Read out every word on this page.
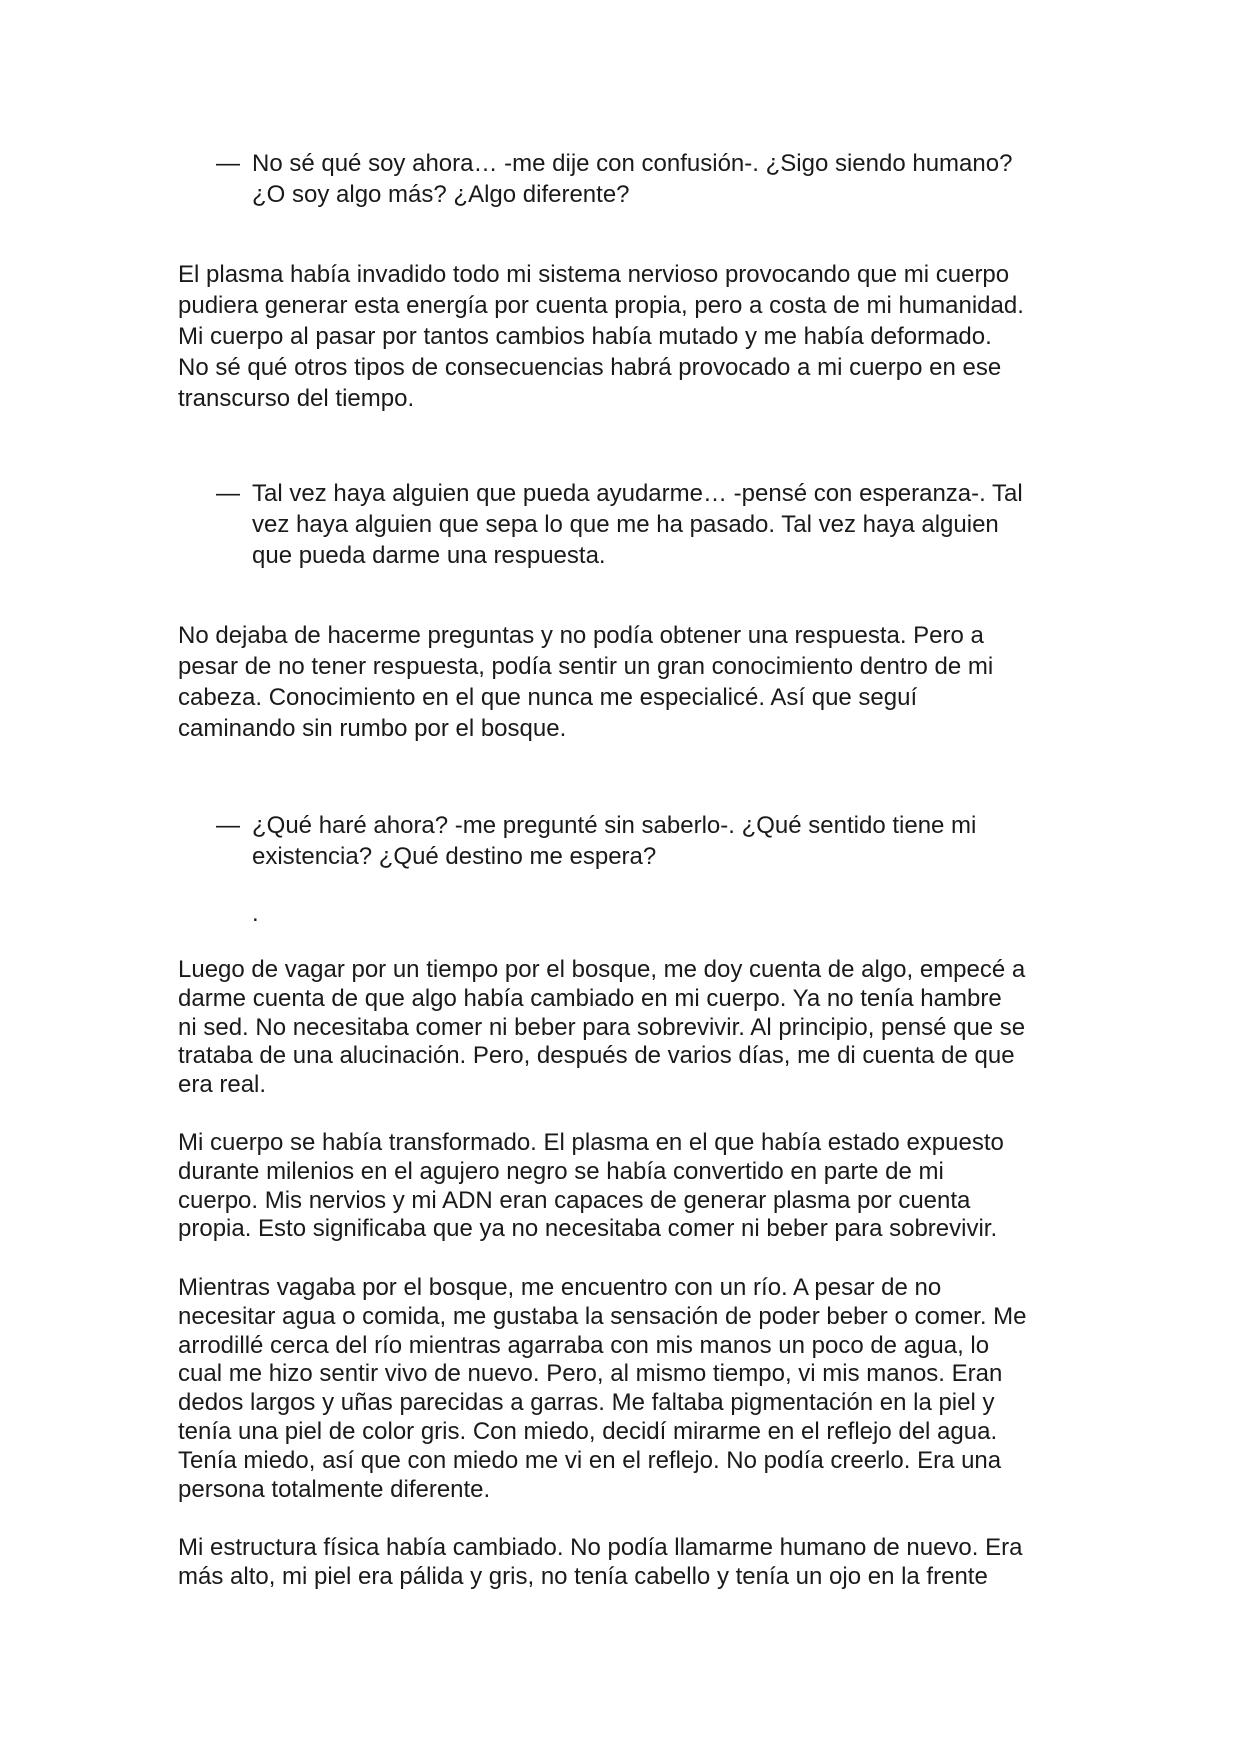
— No sé qué soy ahora… -me dije con confusión-. ¿Sigo siendo humano?
¿O soy algo más? ¿Algo diferente?
El plasma había invadido todo mi sistema nervioso provocando que mi cuerpo
pudiera generar esta energía por cuenta propia, pero a costa de mi humanidad.
Mi cuerpo al pasar por tantos cambios había mutado y me había deformado.
No sé qué otros tipos de consecuencias habrá provocado a mi cuerpo en ese
transcurso del tiempo.
— Tal vez haya alguien que pueda ayudarme… -pensé con esperanza-. Tal
vez haya alguien que sepa lo que me ha pasado. Tal vez haya alguien
que pueda darme una respuesta.
No dejaba de hacerme preguntas y no podía obtener una respuesta. Pero a
pesar de no tener respuesta, podía sentir un gran conocimiento dentro de mi
cabeza. Conocimiento en el que nunca me especialicé. Así que seguí
caminando sin rumbo por el bosque.
— ¿Qué haré ahora? -me pregunté sin saberlo-. ¿Qué sentido tiene mi
existencia? ¿Qué destino me espera?
.
Luego de vagar por un tiempo por el bosque, me doy cuenta de algo, empecé a
darme cuenta de que algo había cambiado en mi cuerpo. Ya no tenía hambre
ni sed. No necesitaba comer ni beber para sobrevivir. Al principio, pensé que se
trataba de una alucinación. Pero, después de varios días, me di cuenta de que
era real.
Mi cuerpo se había transformado. El plasma en el que había estado expuesto
durante milenios en el agujero negro se había convertido en parte de mi
cuerpo. Mis nervios y mi ADN eran capaces de generar plasma por cuenta
propia. Esto significaba que ya no necesitaba comer ni beber para sobrevivir.
Mientras vagaba por el bosque, me encuentro con un río. A pesar de no
necesitar agua o comida, me gustaba la sensación de poder beber o comer. Me
arrodillé cerca del río mientras agarraba con mis manos un poco de agua, lo
cual me hizo sentir vivo de nuevo. Pero, al mismo tiempo, vi mis manos. Eran
dedos largos y uñas parecidas a garras. Me faltaba pigmentación en la piel y
tenía una piel de color gris. Con miedo, decidí mirarme en el reflejo del agua.
Tenía miedo, así que con miedo me vi en el reflejo. No podía creerlo. Era una
persona totalmente diferente.
Mi estructura física había cambiado. No podía llamarme humano de nuevo. Era
más alto, mi piel era pálida y gris, no tenía cabello y tenía un ojo en la frente
